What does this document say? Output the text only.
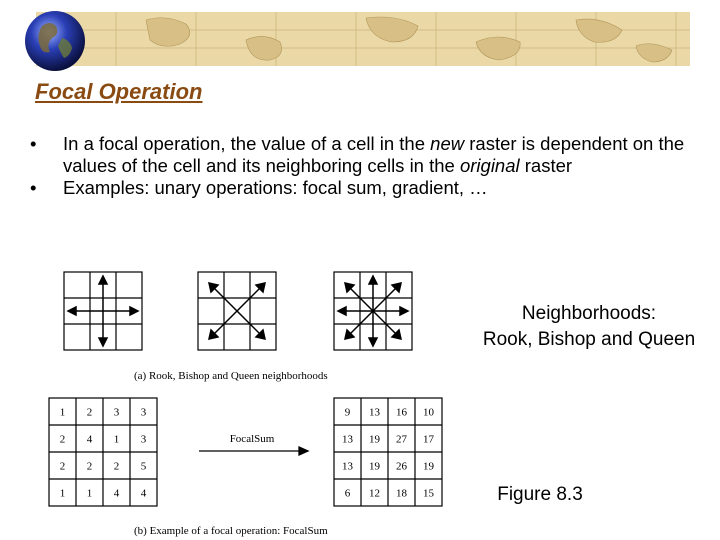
Focal Operation

• In a focal operation, the value of a cell in the new raster is dependent on the values of the cell and its neighboring cells in the original raster

• Examples: unary operations: focal sum, gradient, …

(a) Rook, Bishop and Queen neighborhoods
1 2 3 3
2 4 1 3
2 2 2 5
1 1 4 4
FocalSum
9 13 16 10
13 19 27 17
13 19 26 19
6 12 18 15
(b) Example of a focal operation: FocalSum
Neighborhoods:
Rook, Bishop and Queen
Figure 8.3
